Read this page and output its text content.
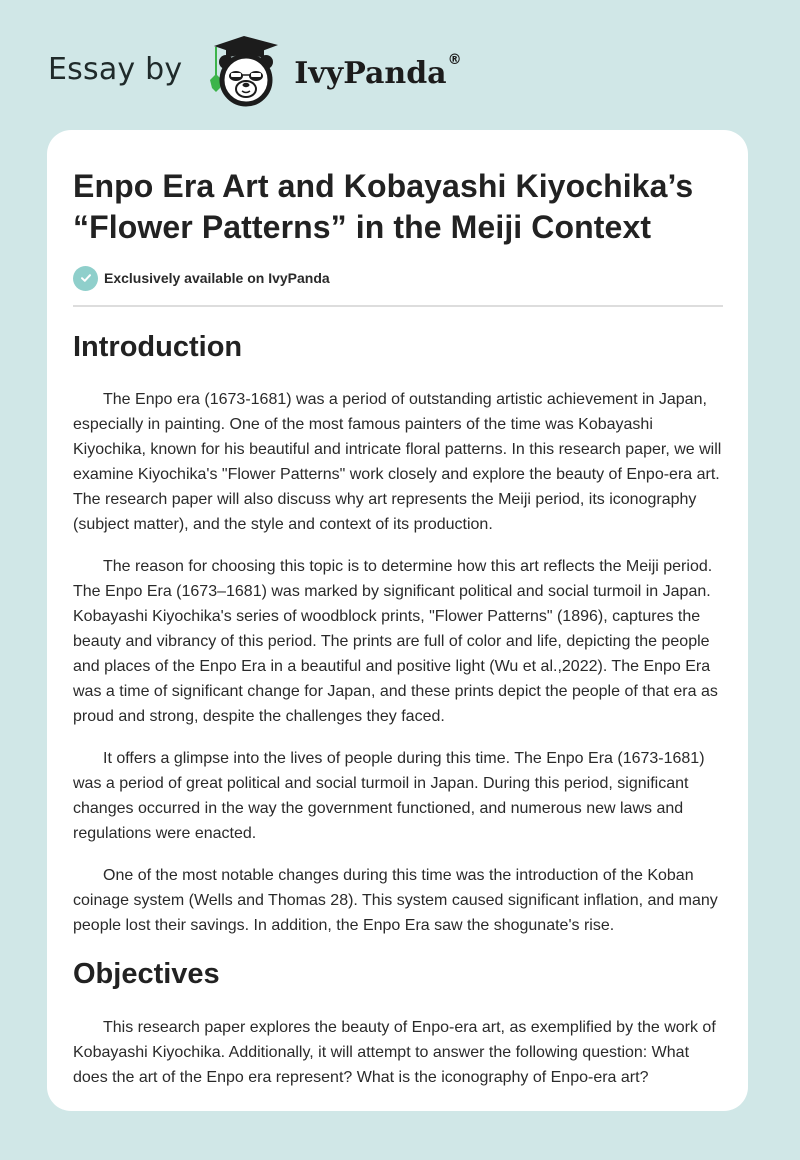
Essay by	IvyPanda®
Enpo Era Art and Kobayashi Kiyochika’s “Flower Patterns” in the Meiji Context
Exclusively available on IvyPanda
Introduction

The Enpo era (1673-1681) was a period of outstanding artistic achievement in Japan, especially in painting. One of the most famous painters of the time was Kobayashi Kiyochika, known for his beautiful and intricate floral patterns. In this research paper, we will examine Kiyochika's "Flower Patterns" work closely and explore the beauty of Enpo-era art. The research paper will also discuss why art represents the Meiji period, its iconography (subject matter), and the style and context of its production.

The reason for choosing this topic is to determine how this art reflects the Meiji period. The Enpo Era (1673–1681) was marked by significant political and social turmoil in Japan. Kobayashi Kiyochika's series of woodblock prints, "Flower Patterns" (1896), captures the beauty and vibrancy of this period. The prints are full of color and life, depicting the people and places of the Enpo Era in a beautiful and positive light (Wu et al.,2022). The Enpo Era was a time of significant change for Japan, and these prints depict the people of that era as proud and strong, despite the challenges they faced.

It offers a glimpse into the lives of people during this time. The Enpo Era (1673-1681) was a period of great political and social turmoil in Japan. During this period, significant changes occurred in the way the government functioned, and numerous new laws and regulations were enacted.

One of the most notable changes during this time was the introduction of the Koban coinage system (Wells and Thomas 28). This system caused significant inflation, and many people lost their savings. In addition, the Enpo Era saw the shogunate's rise.

Objectives

This research paper explores the beauty of Enpo-era art, as exemplified by the work of Kobayashi Kiyochika. Additionally, it will attempt to answer the following question: What does the art of the Enpo era represent? What is the iconography of Enpo-era art?
